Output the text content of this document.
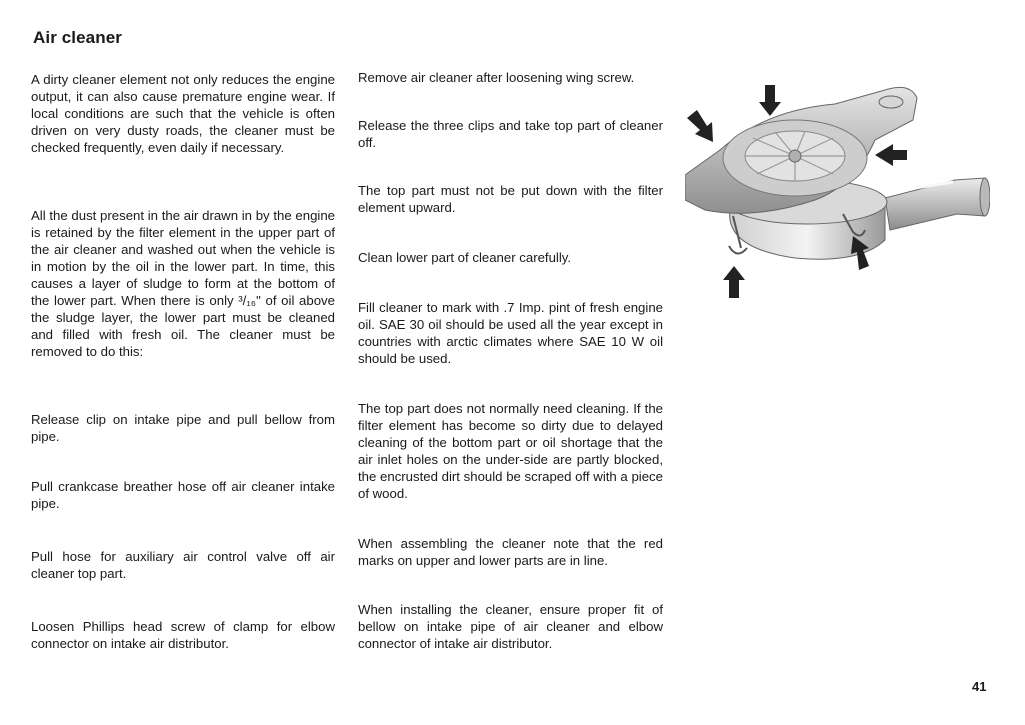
Air cleaner

A dirty cleaner element not only reduces the engine output, it can also cause premature engine wear. If local conditions are such that the vehicle is often driven on very dusty roads, the cleaner must be checked frequently, even daily if necessary.

All the dust present in the air drawn in by the engine is retained by the filter element in the upper part of the air cleaner and washed out when the vehicle is in motion by the oil in the lower part. In time, this causes a layer of sludge to form at the bottom of the lower part. When there is only ³/₁₆" of oil above the sludge layer, the lower part must be cleaned and filled with fresh oil. The cleaner must be removed to do this:

Release clip on intake pipe and pull bellow from pipe.

Pull crankcase breather hose off air cleaner intake pipe.

Pull hose for auxiliary air control valve off air cleaner top part.

Loosen Phillips head screw of clamp for elbow connector on intake air distributor.

Remove air cleaner after loosening wing screw.

Release the three clips and take top part of cleaner off.

The top part must not be put down with the filter element upward.

Clean lower part of cleaner carefully.

Fill cleaner to mark with .7 Imp. pint of fresh engine oil. SAE 30 oil should be used all the year except in countries with arctic climates where SAE 10 W oil should be used.

The top part does not normally need cleaning. If the filter element has become so dirty due to delayed cleaning of the bottom part or oil shortage that the air inlet holes on the under-side are partly blocked, the encrusted dirt should be scraped off with a piece of wood.

When assembling the cleaner note that the red marks on upper and lower parts are in line.

When installing the cleaner, ensure proper fit of bellow on intake pipe of air cleaner and elbow connector of intake air distributor.

41
